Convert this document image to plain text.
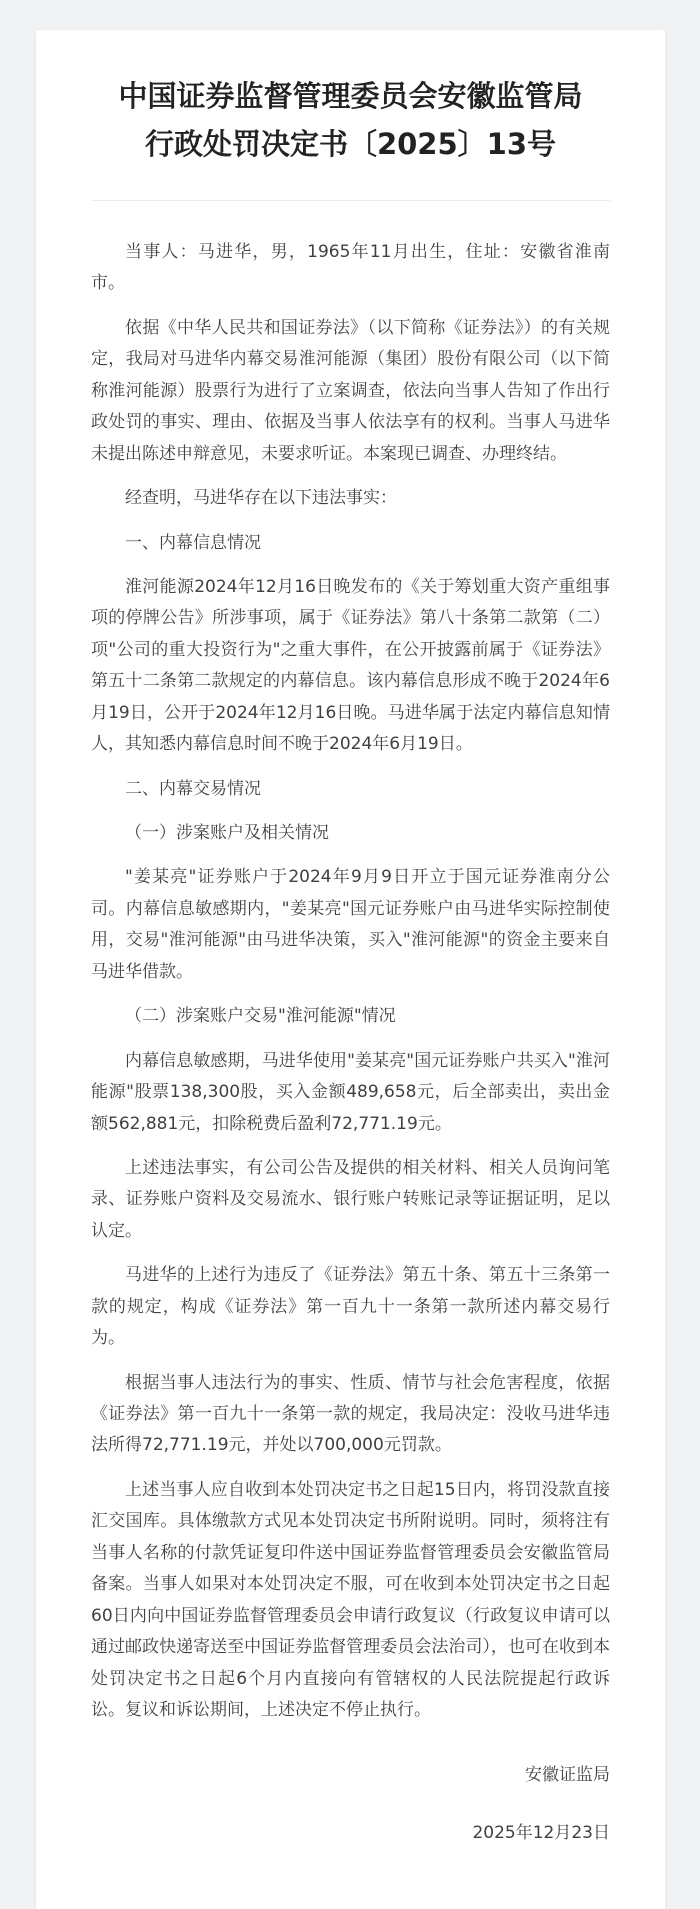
中国证券监督管理委员会安徽监管局
行政处罚决定书〔2025〕13号

当事人：马进华，男，1965年11月出生，住址：安徽省淮南市。

依据《中华人民共和国证券法》（以下简称《证券法》）的有关规定，我局对马进华内幕交易淮河能源（集团）股份有限公司（以下简称淮河能源）股票行为进行了立案调查，依法向当事人告知了作出行政处罚的事实、理由、依据及当事人依法享有的权利。当事人马进华未提出陈述申辩意见，未要求听证。本案现已调查、办理终结。

经查明，马进华存在以下违法事实：

一、内幕信息情况

淮河能源2024年12月16日晚发布的《关于筹划重大资产重组事项的停牌公告》所涉事项，属于《证券法》第八十条第二款第（二）项"公司的重大投资行为"之重大事件，在公开披露前属于《证券法》第五十二条第二款规定的内幕信息。该内幕信息形成不晚于2024年6月19日，公开于2024年12月16日晚。马进华属于法定内幕信息知情人，其知悉内幕信息时间不晚于2024年6月19日。

二、内幕交易情况

（一）涉案账户及相关情况

"姜某亮"证券账户于2024年9月9日开立于国元证券淮南分公司。内幕信息敏感期内，"姜某亮"国元证券账户由马进华实际控制使用，交易"淮河能源"由马进华决策，买入"淮河能源"的资金主要来自马进华借款。

（二）涉案账户交易"淮河能源"情况

内幕信息敏感期，马进华使用"姜某亮"国元证券账户共买入"淮河能源"股票138,300股，买入金额489,658元，后全部卖出，卖出金额562,881元，扣除税费后盈利72,771.19元。

上述违法事实，有公司公告及提供的相关材料、相关人员询问笔录、证券账户资料及交易流水、银行账户转账记录等证据证明，足以认定。

马进华的上述行为违反了《证券法》第五十条、第五十三条第一款的规定，构成《证券法》第一百九十一条第一款所述内幕交易行为。

根据当事人违法行为的事实、性质、情节与社会危害程度，依据《证券法》第一百九十一条第一款的规定，我局决定：没收马进华违法所得72,771.19元，并处以700,000元罚款。

上述当事人应自收到本处罚决定书之日起15日内，将罚没款直接汇交国库。具体缴款方式见本处罚决定书所附说明。同时，须将注有当事人名称的付款凭证复印件送中国证券监督管理委员会安徽监管局备案。当事人如果对本处罚决定不服，可在收到本处罚决定书之日起60日内向中国证券监督管理委员会申请行政复议（行政复议申请可以通过邮政快递寄送至中国证券监督管理委员会法治司），也可在收到本处罚决定书之日起6个月内直接向有管辖权的人民法院提起行政诉讼。复议和诉讼期间，上述决定不停止执行。

安徽证监局

2025年12月23日
